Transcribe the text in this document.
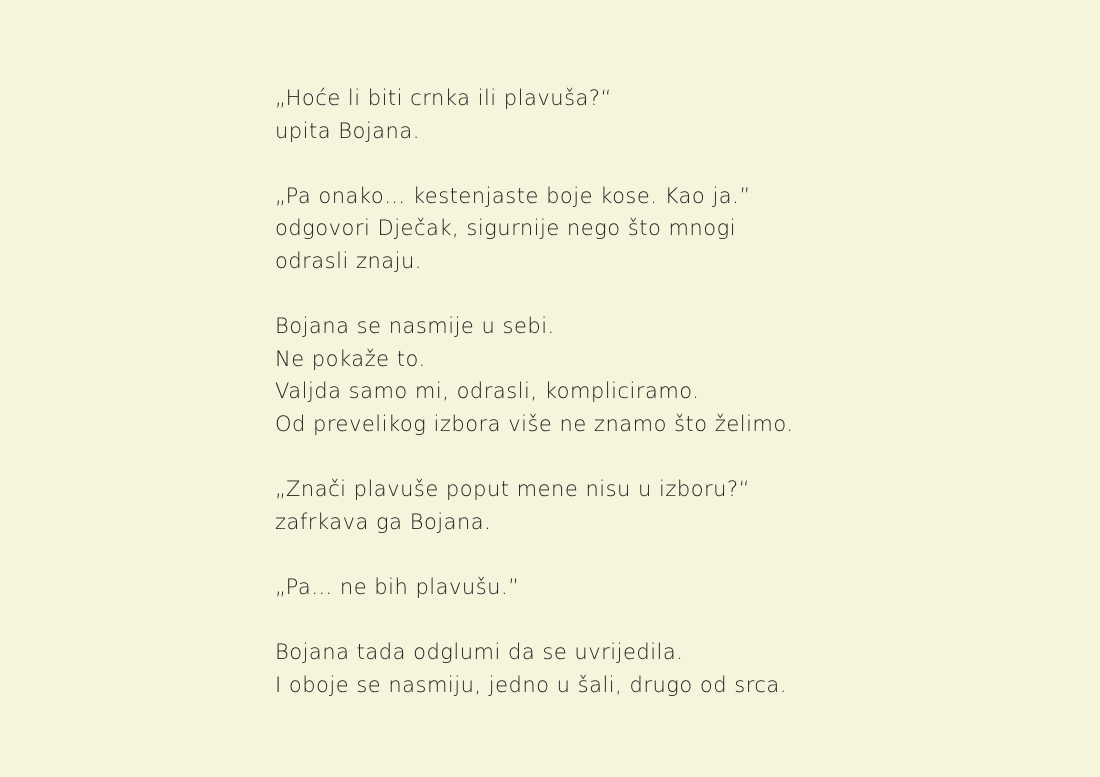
„Hoće li biti crnka ili plavuša?“
upita Bojana.

„Pa onako… kestenjaste boje kose. Kao ja.”
odgovori Dječak, sigurnije nego što mnogi
odrasli znaju.

Bojana se nasmije u sebi.
Ne pokaže to.
Valjda samo mi, odrasli, kompliciramo.
Od prevelikog izbora više ne znamo što želimo.

„Znači plavuše poput mene nisu u izboru?“
zafrkava ga Bojana.

„Pa… ne bih plavušu.”

Bojana tada odglumi da se uvrijedila.
I oboje se nasmiju, jedno u šali, drugo od srca.
